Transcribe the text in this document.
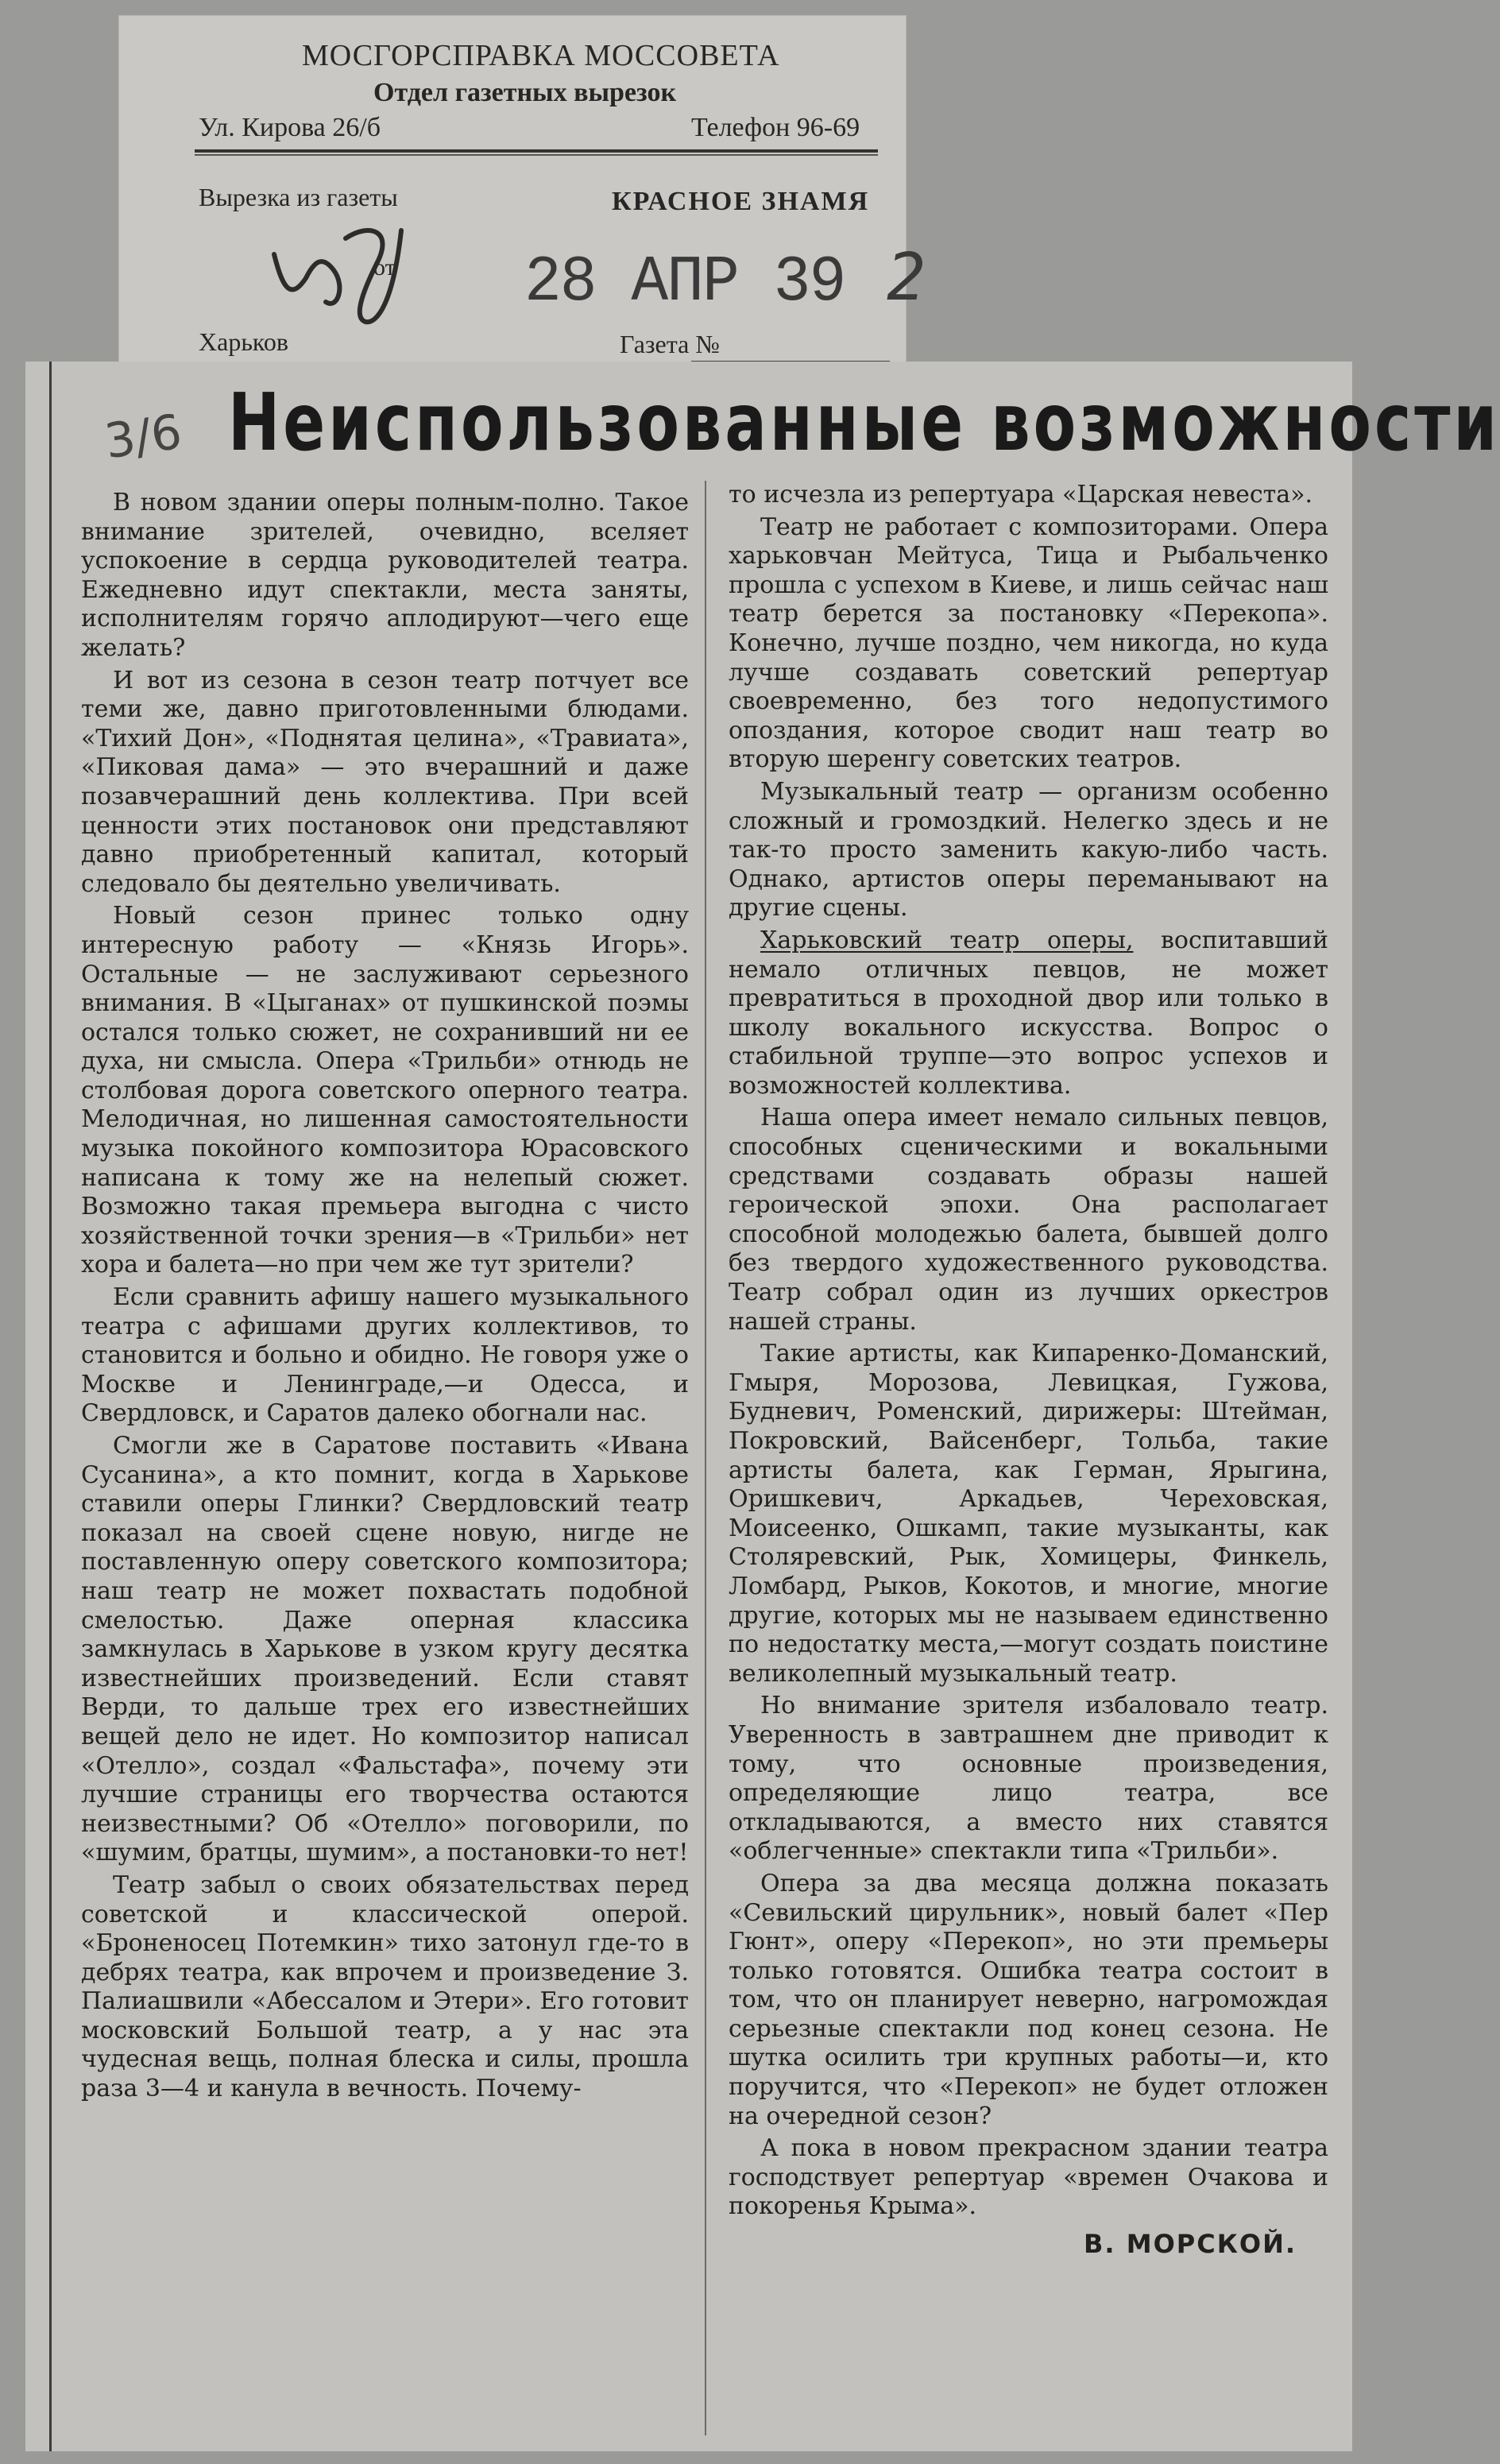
МОСГОРСПРАВКА МОССОВЕТА
Отдел газетных вырезок
Ул. Кирова 26/б	Телефон 96-69
Вырезка из газеты	КРАСНОЕ ЗНАМЯ
от 28 АПР 39 2
Харьков	Газета №
3/6 Неиспользованные возможности

В новом здании оперы полным-полно. Такое внимание зрителей, очевидно, вселяет успокоение в сердца руководителей театра. Ежедневно идут спектакли, места заняты, исполнителям горячо аплодируют—чего еще желать?

И вот из сезона в сезон театр потчует все теми же, давно приготовленными блюдами. «Тихий Дон», «Поднятая целина», «Травиата», «Пиковая дама» — это вчерашний и даже позавчерашний день коллектива. При всей ценности этих постановок они представляют давно приобретенный капитал, который следовало бы деятельно увеличивать.

Новый сезон принес только одну интересную работу — «Князь Игорь». Остальные — не заслуживают серьезного внимания. В «Цыганах» от пушкинской поэмы остался только сюжет, не сохранивший ни ее духа, ни смысла. Опера «Трильби» отнюдь не столбовая дорога советского оперного театра. Мелодичная, но лишенная самостоятельности музыка покойного композитора Юрасовского написана к тому же на нелепый сюжет. Возможно такая премьера выгодна с чисто хозяйственной точки зрения—в «Трильби» нет хора и балета—но при чем же тут зрители?

Если сравнить афишу нашего музыкального театра с афишами других коллективов, то становится и больно и обидно. Не говоря уже о Москве и Ленинграде,—и Одесса, и Свердловск, и Саратов далеко обогнали нас.

Смогли же в Саратове поставить «Ивана Сусанина», а кто помнит, когда в Харькове ставили оперы Глинки? Свердловский театр показал на своей сцене новую, нигде не поставленную оперу советского композитора; наш театр не может похвастать подобной смелостью. Даже оперная классика замкнулась в Харькове в узком кругу десятка известнейших произведений. Если ставят Верди, то дальше трех его известнейших вещей дело не идет. Но композитор написал «Отелло», создал «Фальстафа», почему эти лучшие страницы его творчества остаются неизвестными? Об «Отелло» поговорили, по «шумим, братцы, шумим», а постановки-то нет!

Театр забыл о своих обязательствах перед советской и классической оперой. «Броненосец Потемкин» тихо затонул где-то в дебрях театра, как впрочем и произведение З. Палиашвили «Абессалом и Этери». Его готовит московский Большой театр, а у нас эта чудесная вещь, полная блеска и силы, прошла раза 3—4 и канула в вечность. Почему-

то исчезла из репертуара «Царская невеста».

Театр не работает с композиторами. Опера харьковчан Мейтуса, Тица и Рыбальченко прошла с успехом в Киеве, и лишь сейчас наш театр берется за постановку «Перекопа». Конечно, лучше поздно, чем никогда, но куда лучше создавать советский репертуар своевременно, без того недопустимого опоздания, которое сводит наш театр во вторую шеренгу советских театров.

Музыкальный театр — организм особенно сложный и громоздкий. Нелегко здесь и не так-то просто заменить какую-либо часть. Однако, артистов оперы переманывают на другие сцены.

Харьковский театр оперы, воспитавший немало отличных певцов, не может превратиться в проходной двор или только в школу вокального искусства. Вопрос о стабильной труппе—это вопрос успехов и возможностей коллектива.

Наша опера имеет немало сильных певцов, способных сценическими и вокальными средствами создавать образы нашей героической эпохи. Она располагает способной молодежью балета, бывшей долго без твердого художественного руководства. Театр собрал один из лучших оркестров нашей страны.

Такие артисты, как Кипаренко-Доманский, Гмыря, Морозова, Левицкая, Гужова, Будневич, Роменский, дирижеры: Штейман, Покровский, Вайсенберг, Тольба, такие артисты балета, как Герман, Ярыгина, Оришкевич, Аркадьев, Череховская, Моисеенко, Ошкамп, такие музыканты, как Столяревский, Рык, Хомицеры, Финкель, Ломбард, Рыков, Кокотов, и многие, многие другие, которых мы не называем единственно по недостатку места,—могут создать поистине великолепный музыкальный театр.

Но внимание зрителя избаловало театр. Уверенность в завтрашнем дне приводит к тому, что основные произведения, определяющие лицо театра, все откладываются, а вместо них ставятся «облегченные» спектакли типа «Трильби».

Опера за два месяца должна показать «Севильский цирульник», новый балет «Пер Гюнт», оперу «Перекоп», но эти премьеры только готовятся. Ошибка театра состоит в том, что он планирует неверно, нагромождая серьезные спектакли под конец сезона. Не шутка осилить три крупных работы—и, кто поручится, что «Перекоп» не будет отложен на очередной сезон?

А пока в новом прекрасном здании театра господствует репертуар «времен Очакова и покоренья Крыма».

В. МОРСКОЙ.
